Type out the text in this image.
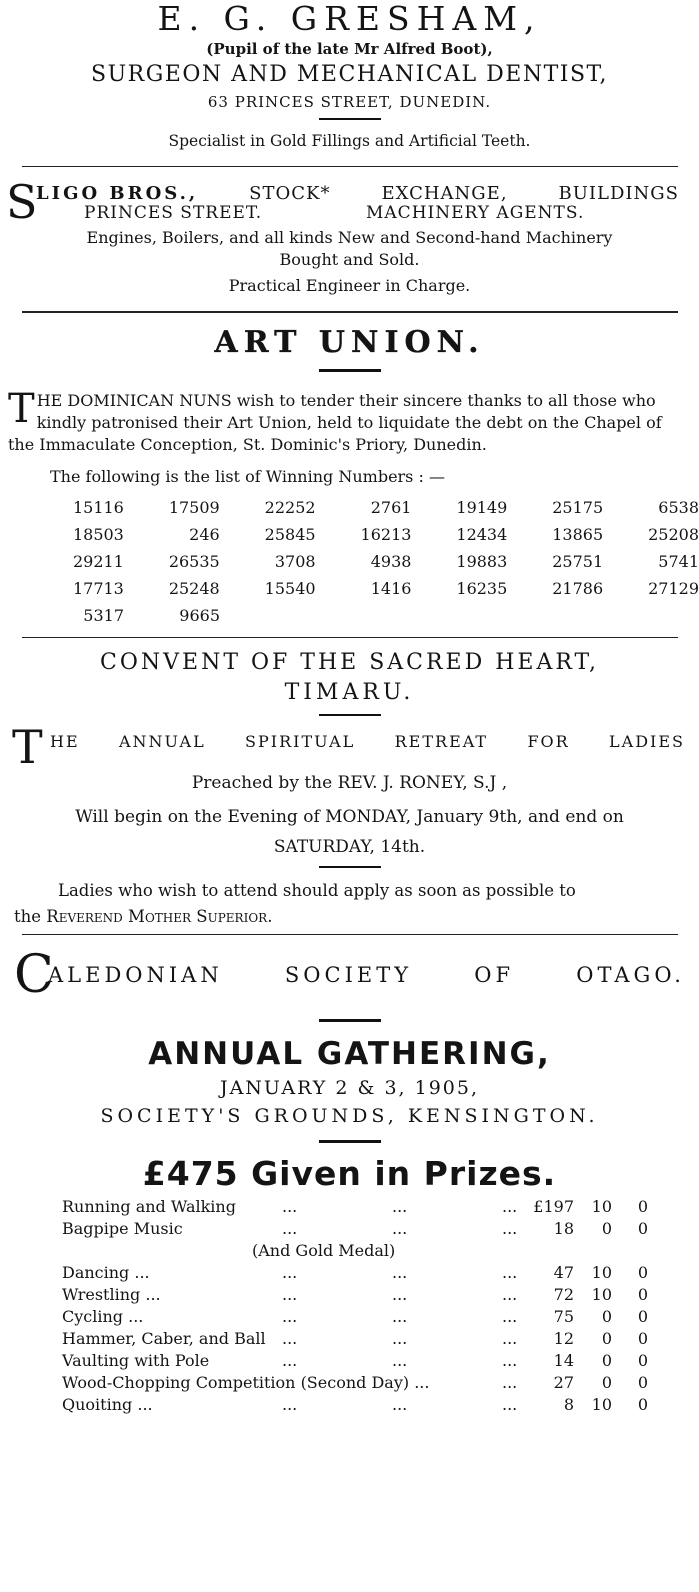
E. G. GRESHAM,
(Pupil of the late Mr Alfred Boot),
SURGEON AND MECHANICAL DENTIST,
63 PRINCES STREET, DUNEDIN.
Specialist in Gold Fillings and Artificial Teeth.
S
LIGO BROS.,	STOCK*	EXCHANGE,	BUILDINGS
PRINCES STREET.	MACHINERY AGENTS.
Engines, Boilers, and all kinds New and Second-hand Machinery
Bought and Sold.
Practical Engineer in Charge.
ART UNION.
THE DOMINICAN NUNS wish to tender their sincere thanks to all those who kindly patronised their Art Union, held to liquidate the debt on the Chapel of the Immaculate Conception, St. Dominic's Priory, Dunedin.
The following is the list of Winning Numbers : —
15116	17509	22252	2761	19149	25175	6538
18503	246	25845	16213	12434	13865	25208
29211	26535	3708	4938	19883	25751	5741
17713	25248	15540	1416	16235	21786	27129
5317	9665
CONVENT OF THE SACRED HEART,
TIMARU.
T HE ANNUAL SPIRITUAL RETREAT FOR LADIES
Preached by the REV. J. RONEY, S.J ,
Will begin on the Evening of MONDAY, January 9th, and end on
SATURDAY, 14th.
Ladies who wish to attend should apply as soon as possible to
the Reverend Mother Superior.
C
ALEDONIAN	SOCIETY	OF	OTAGO.
ANNUAL GATHERING,
JANUARY 2 & 3, 1905,
SOCIETY'S GROUNDS, KENSINGTON.
£475 Given in Prizes.
Running and Walking	...	...	... £197	10	0
Bagpipe Music	...	...	... 18	0	0
(And Gold Medal)
Dancing ...	...	...	... 47	10	0
Wrestling ...	...	...	... 72	10	0
Cycling ...	...	...	... 75	0	0
Hammer, Caber, and Ball ...	...	... 12	0	0
Vaulting with Pole	...	...	... 14	0	0
Wood-Chopping Competition (Second Day) ...	... 27	0	0
Quoiting ...	...	...	...	8	10	0
